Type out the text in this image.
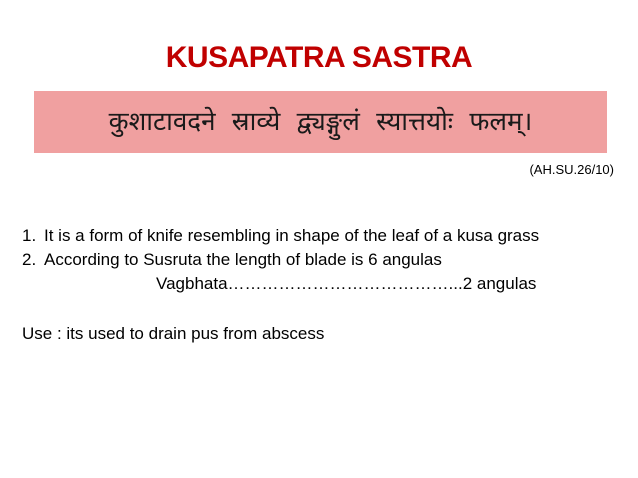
KUSAPATRA SASTRA
कुशाटावदने स्राव्ये द्व्यङ्गुलं स्यात्तयोः फलम्।
(AH.SU.26/10)
1. It is a form of knife resembling in shape of the leaf of a kusa grass
2. According to Susruta the length of blade is 6 angulas
Vagbhata…………………………………...2 angulas
Use : its used to drain pus from abscess
